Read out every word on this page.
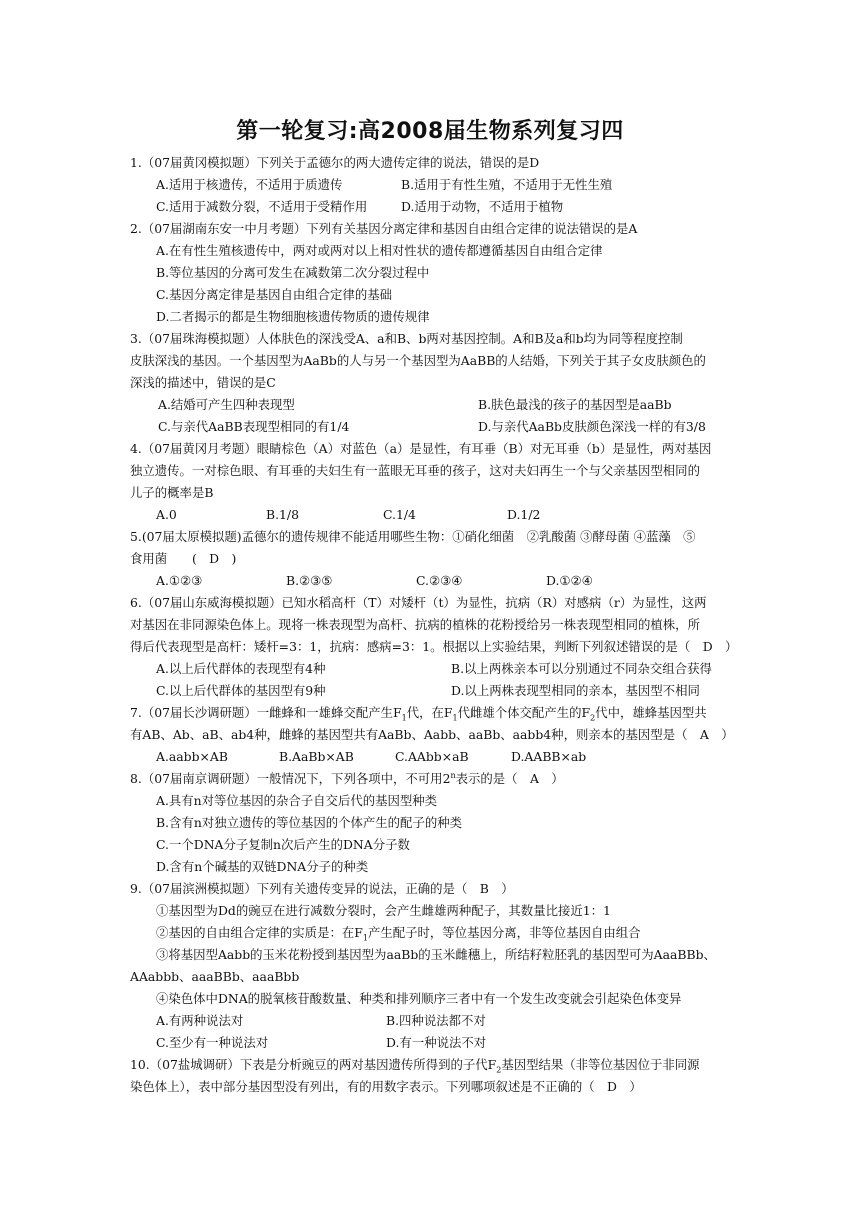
第一轮复习:高2008届生物系列复习四
1.（07届黄冈模拟题）下列关于孟德尔的两大遗传定律的说法，错误的是D
A.适用于核遗传，不适用于质遗传	B.适用于有性生殖，不适用于无性生殖
C.适用于减数分裂，不适用于受精作用	D.适用于动物，不适用于植物
2.（07届湖南东安一中月考题）下列有关基因分离定律和基因自由组合定律的说法错误的是A
A.在有性生殖核遗传中，两对或两对以上相对性状的遗传都遵循基因自由组合定律
B.等位基因的分离可发生在减数第二次分裂过程中
C.基因分离定律是基因自由组合定律的基础
D.二者揭示的都是生物细胞核遗传物质的遗传规律
3.（07届珠海模拟题）人体肤色的深浅受A、a和B、b两对基因控制。A和B及a和b均为同等程度控制
皮肤深浅的基因。一个基因型为AaBb的人与另一个基因型为AaBB的人结婚，下列关于其子女皮肤颜色的
深浅的描述中，错误的是C
A.结婚可产生四种表现型	B.肤色最浅的孩子的基因型是aaBb
C.与亲代AaBB表现型相同的有1/4	D.与亲代AaBb皮肤颜色深浅一样的有3/8
4.（07届黄冈月考题）眼睛棕色（A）对蓝色（a）是显性，有耳垂（B）对无耳垂（b）是显性，两对基因
独立遗传。一对棕色眼、有耳垂的夫妇生有一蓝眼无耳垂的孩子，这对夫妇再生一个与父亲基因型相同的
儿子的概率是B
A.0	B.1/8	C.1/4	D.1/2
5.(07届太原模拟题)孟德尔的遗传规律不能适用哪些生物：①硝化细菌　②乳酸菌 ③酵母菌 ④蓝藻　⑤
食用菌　　(　D　)
A.①②③	B.②③⑤	C.②③④	D.①②④
6.（07届山东威海模拟题）已知水稻高杆（T）对矮杆（t）为显性，抗病（R）对感病（r）为显性，这两
对基因在非同源染色体上。现将一株表现型为高杆、抗病的植株的花粉授给另一株表现型相同的植株，所
得后代表现型是高杆：矮杆=3：1，抗病：感病=3：1。根据以上实验结果，判断下列叙述错误的是（　D　）
A.以上后代群体的表现型有4种	B.以上两株亲本可以分别通过不同杂交组合获得
C.以上后代群体的基因型有9种	D.以上两株表现型相同的亲本，基因型不相同
7.（07届长沙调研题）一雌蜂和一雄蜂交配产生$F_1$代，在$F_1$代雌雄个体交配产生的$F_2$代中，雄蜂基因型共
有AB、Ab、aB、ab4种，雌蜂的基因型共有AaBb、Aabb、aaBb、aabb4种，则亲本的基因型是（　A　）
A.aabb×AB	B.AaBb×AB	C.AAbb×aB	D.AABB×ab
8.（07届南京调研题）一般情况下，下列各项中，不可用2$^n$表示的是（　A　）
A.具有n对等位基因的杂合子自交后代的基因型种类
B.含有n对独立遗传的等位基因的个体产生的配子的种类
C.一个DNA分子复制n次后产生的DNA分子数
D.含有n个碱基的双链DNA分子的种类
9.（07届滨洲模拟题）下列有关遗传变异的说法，正确的是（　B　）
①基因型为Dd的豌豆在进行减数分裂时，会产生雌雄两种配子，其数量比接近1：1
②基因的自由组合定律的实质是：在$F_1$产生配子时，等位基因分离，非等位基因自由组合
③将基因型Aabb的玉米花粉授到基因型为aaBb的玉米雌穗上，所结籽粒胚乳的基因型可为AaaBBb、
AAabbb、aaaBBb、aaaBbb
④染色体中DNA的脱氧核苷酸数量、种类和排列顺序三者中有一个发生改变就会引起染色体变异
A.有两种说法对	B.四种说法都不对
C.至少有一种说法对	D.有一种说法不对
10.（07盐城调研）下表是分析豌豆的两对基因遗传所得到的子代$F_2$基因型结果（非等位基因位于非同源
染色体上），表中部分基因型没有列出，有的用数字表示。下列哪项叙述是不正确的（　D　）
